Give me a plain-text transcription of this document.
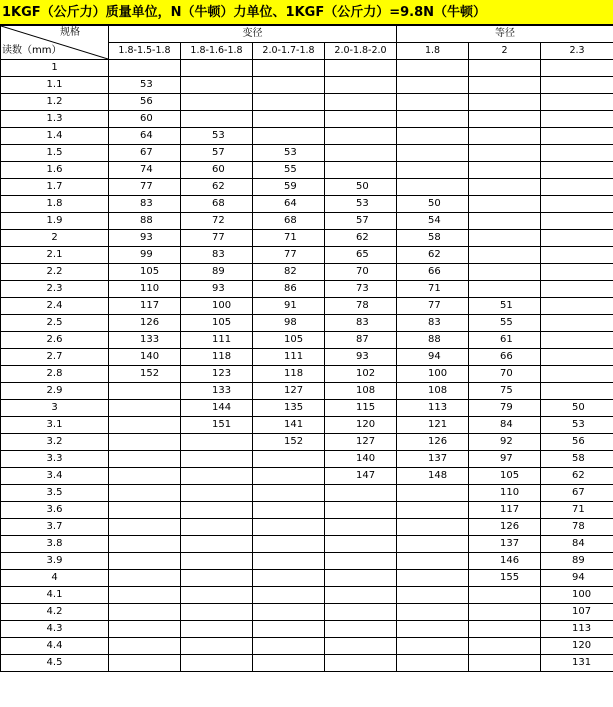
1KGF（公斤力）质量单位，N（牛顿）力单位、1KGF（公斤力）=9.8N（牛顿）
规格
读数（mm）	变径				等径		
	1.8-1.5-1.8	1.8-1.6-1.8	2.0-1.7-1.8	2.0-1.8-2.0	1.8	2	2.3
1							
1.1	53						
1.2	56						
1.3	60						
1.4	64	53					
1.5	67	57	53				
1.6	74	60	55				
1.7	77	62	59	50			
1.8	83	68	64	53	50		
1.9	88	72	68	57	54		
2	93	77	71	62	58		
2.1	99	83	77	65	62		
2.2	105	89	82	70	66		
2.3	110	93	86	73	71		
2.4	117	100	91	78	77	51	
2.5	126	105	98	83	83	55	
2.6	133	111	105	87	88	61	
2.7	140	118	111	93	94	66	
2.8	152	123	118	102	100	70	
2.9		133	127	108	108	75	
3		144	135	115	113	79	50
3.1		151	141	120	121	84	53
3.2			152	127	126	92	56
3.3				140	137	97	58
3.4				147	148	105	62
3.5						110	67
3.6						117	71
3.7						126	78
3.8						137	84
3.9						146	89
4						155	94
4.1							100
4.2							107
4.3							113
4.4							120
4.5							131
